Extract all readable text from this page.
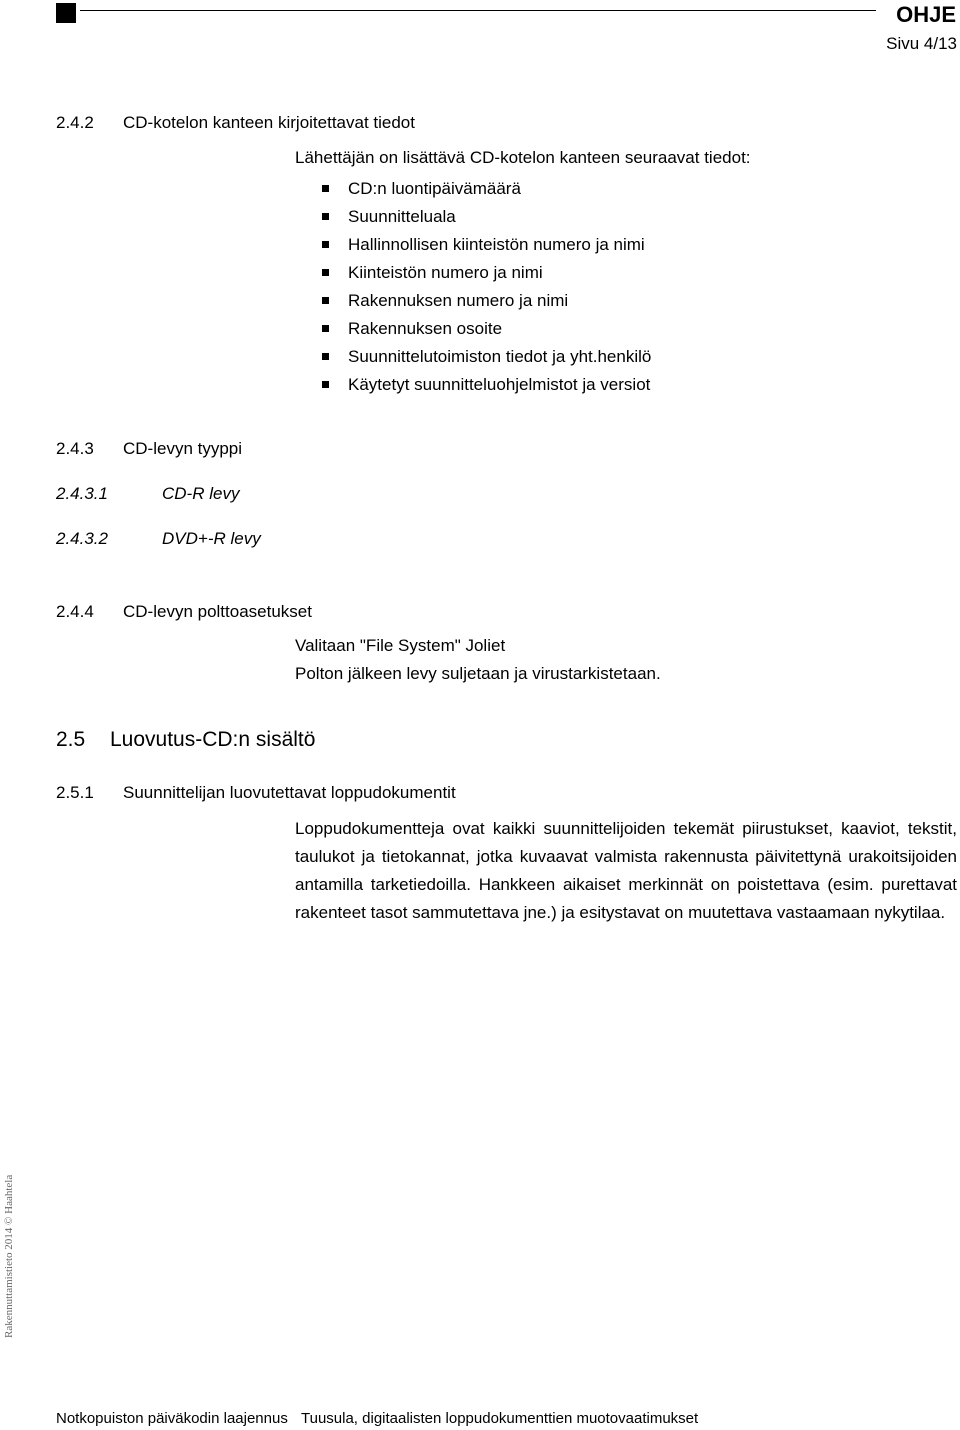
OHJE
Sivu 4/13
2.4.2 CD-kotelon kanteen kirjoitettavat tiedot
Lähettäjän on lisättävä CD-kotelon kanteen seuraavat tiedot:
CD:n luontipäivämäärä
Suunnitteluala
Hallinnollisen kiinteistön numero ja nimi
Kiinteistön numero ja nimi
Rakennuksen numero ja nimi
Rakennuksen osoite
Suunnittelutoimiston tiedot ja yht.henkilö
Käytetyt suunnitteluohjelmistot ja versiot
2.4.3 CD-levyn tyyppi
2.4.3.1	CD-R levy
2.4.3.2	DVD+-R levy
2.4.4 CD-levyn polttoasetukset
Valitaan "File System" Joliet
Polton jälkeen levy suljetaan ja virustarkistetaan.
2.5 Luovutus-CD:n sisältö
2.5.1 Suunnittelijan luovutettavat loppudokumentit
Loppudokumentteja ovat kaikki suunnittelijoiden tekemät piirustukset, kaaviot, tekstit, taulukot ja tietokannat, jotka kuvaavat valmista rakennusta päivitettynä urakoitsijoiden antamilla tarketiedoilla. Hankkeen aikaiset merkinnät on poistettava (esim. purettavat rakenteet tasot sammutettava jne.) ja esitystavat on muutettava vastaamaan nykytilaa.
Rakennuttamistieto 2014 © Haahtela
Notkopuiston päiväkodin laajennus Tuusula, digitaalisten loppudokumenttien muotovaatimukset
